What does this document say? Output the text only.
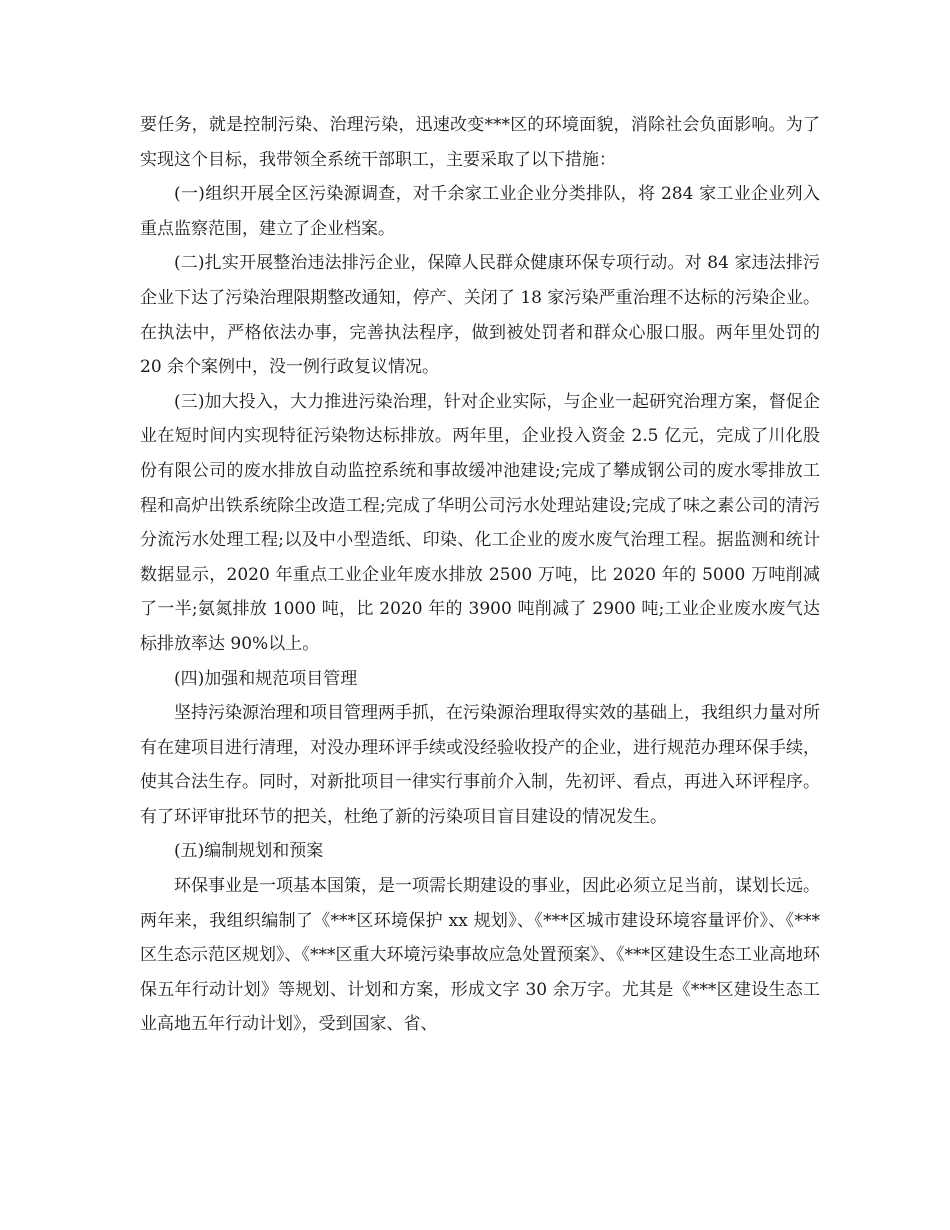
要任务，就是控制污染、治理污染，迅速改变***区的环境面貌，消除社会负面影响。为了实现这个目标，我带领全系统干部职工，主要采取了以下措施：

(一)组织开展全区污染源调查，对千余家工业企业分类排队，将 284 家工业企业列入重点监察范围，建立了企业档案。

(二)扎实开展整治违法排污企业，保障人民群众健康环保专项行动。对 84 家违法排污企业下达了污染治理限期整改通知，停产、关闭了 18 家污染严重治理不达标的污染企业。在执法中，严格依法办事，完善执法程序，做到被处罚者和群众心服口服。两年里处罚的 20 余个案例中，没一例行政复议情况。

(三)加大投入，大力推进污染治理，针对企业实际，与企业一起研究治理方案，督促企业在短时间内实现特征污染物达标排放。两年里，企业投入资金 2.5 亿元，完成了川化股份有限公司的废水排放自动监控系统和事故缓冲池建设;完成了攀成钢公司的废水零排放工程和高炉出铁系统除尘改造工程;完成了华明公司污水处理站建设;完成了味之素公司的清污分流污水处理工程;以及中小型造纸、印染、化工企业的废水废气治理工程。据监测和统计数据显示，2020 年重点工业企业年废水排放 2500 万吨，比 2020 年的 5000 万吨削减了一半;氨氮排放 1000 吨，比 2020 年的 3900 吨削减了 2900 吨;工业企业废水废气达标排放率达 90%以上。

(四)加强和规范项目管理

坚持污染源治理和项目管理两手抓，在污染源治理取得实效的基础上，我组织力量对所有在建项目进行清理，对没办理环评手续或没经验收投产的企业，进行规范办理环保手续，使其合法生存。同时，对新批项目一律实行事前介入制，先初评、看点，再进入环评程序。有了环评审批环节的把关，杜绝了新的污染项目盲目建设的情况发生。

(五)编制规划和预案

环保事业是一项基本国策，是一项需长期建设的事业，因此必须立足当前，谋划长远。两年来，我组织编制了《***区环境保护 xx 规划》、《***区城市建设环境容量评价》、《***区生态示范区规划》、《***区重大环境污染事故应急处置预案》、《***区建设生态工业高地环保五年行动计划》等规划、计划和方案，形成文字 30 余万字。尤其是《***区建设生态工业高地五年行动计划》，受到国家、省、
